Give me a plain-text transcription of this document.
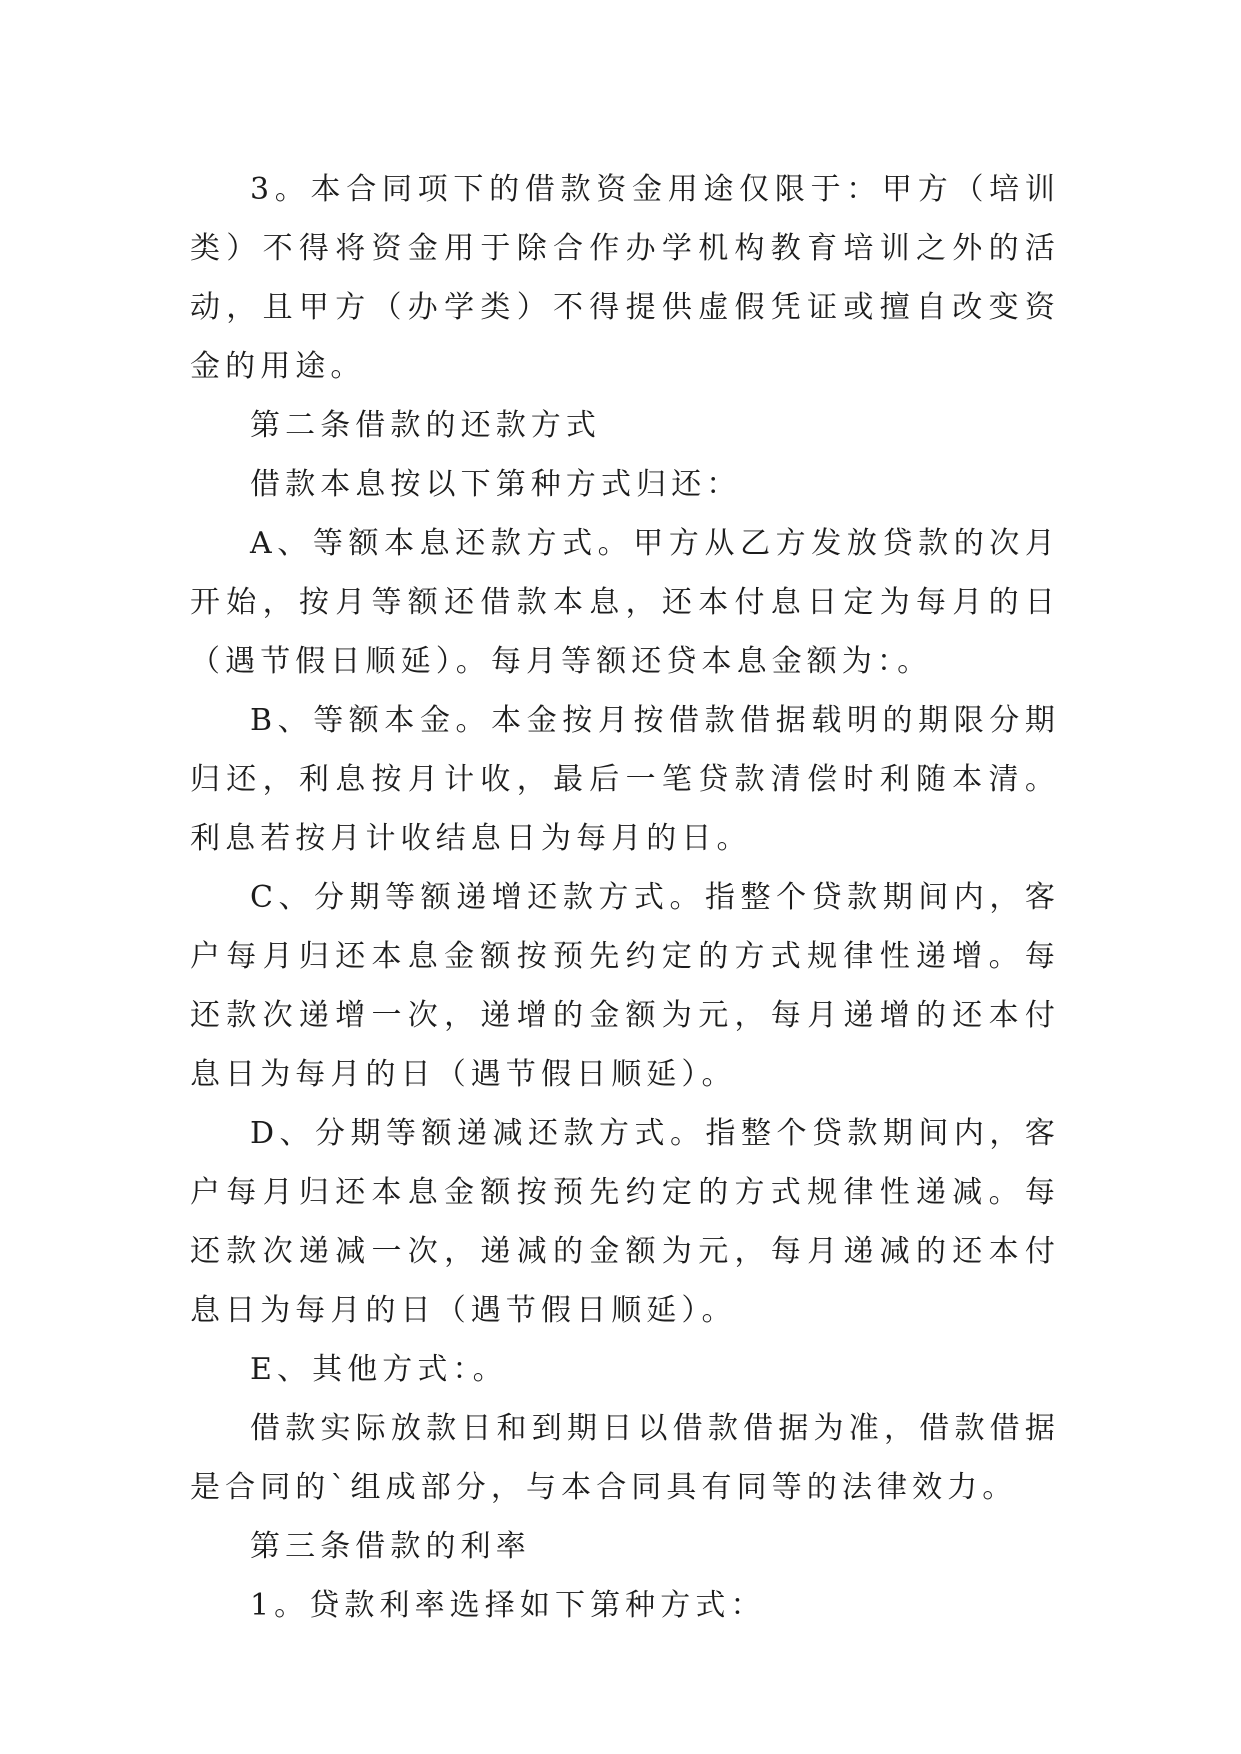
3。本合同项下的借款资金用途仅限于：甲方（培训类）不得将资金用于除合作办学机构教育培训之外的活动，且甲方（办学类）不得提供虚假凭证或擅自改变资金的用途。

第二条借款的还款方式

借款本息按以下第种方式归还：

A、等额本息还款方式。甲方从乙方发放贷款的次月开始，按月等额还借款本息，还本付息日定为每月的日（遇节假日顺延）。每月等额还贷本息金额为：。

B、等额本金。本金按月按借款借据载明的期限分期归还，利息按月计收，最后一笔贷款清偿时利随本清。利息若按月计收结息日为每月的日。

C、分期等额递增还款方式。指整个贷款期间内，客户每月归还本息金额按预先约定的方式规律性递增。每还款次递增一次，递增的金额为元，每月递增的还本付息日为每月的日（遇节假日顺延）。

D、分期等额递减还款方式。指整个贷款期间内，客户每月归还本息金额按预先约定的方式规律性递减。每还款次递减一次，递减的金额为元，每月递减的还本付息日为每月的日（遇节假日顺延）。

E、其他方式：。

借款实际放款日和到期日以借款借据为准，借款借据是合同的`组成部分，与本合同具有同等的法律效力。

第三条借款的利率

1。贷款利率选择如下第种方式：
